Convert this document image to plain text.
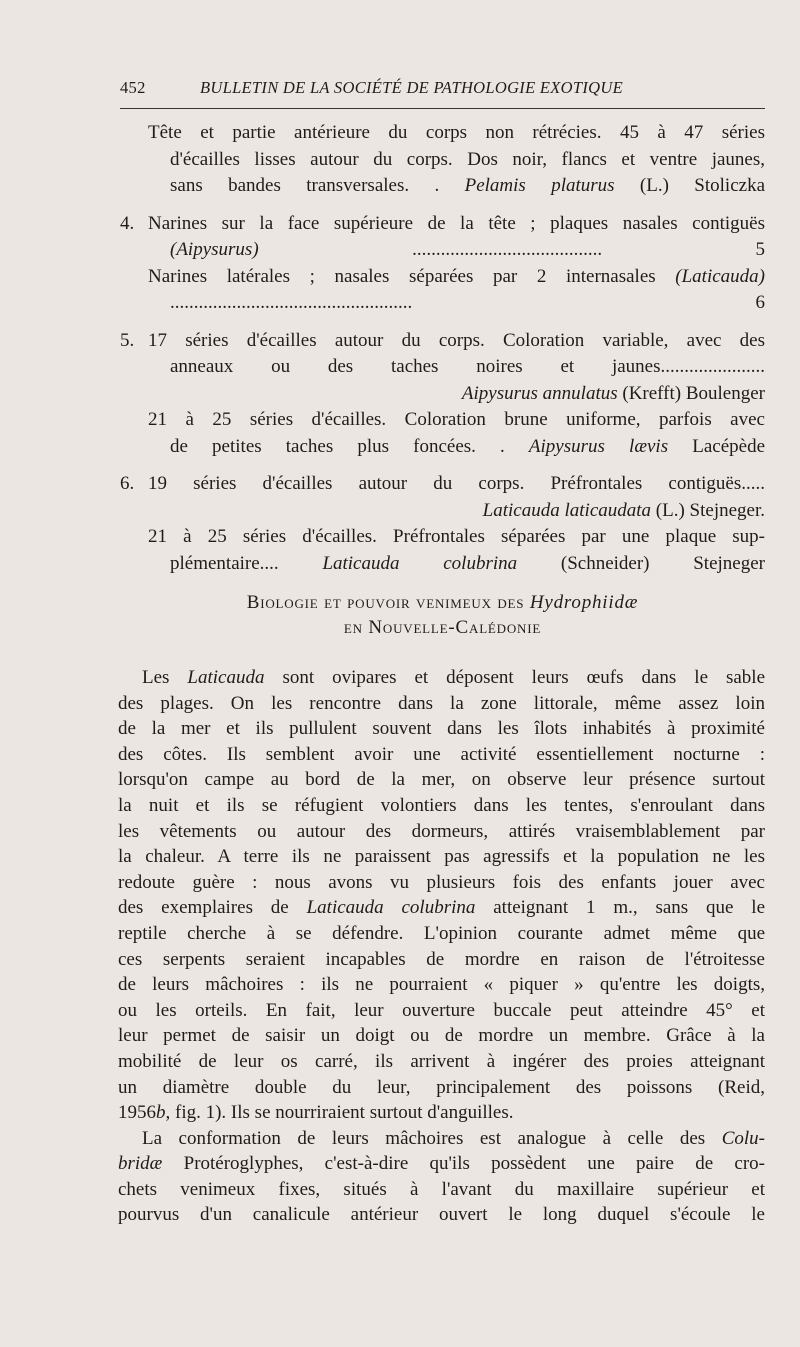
452	BULLETIN DE LA SOCIÉTÉ DE PATHOLOGIE EXOTIQUE
Tête et partie antérieure du corps non rétrécies. 45 à 47 séries
d'écailles lisses autour du corps. Dos noir, flancs et ventre jaunes,
sans bandes transversales. . Pelamis platurus (L.) Stoliczka
4. Narines sur la face supérieure de la tête ; plaques nasales contiguës
(Aipysurus)	........................................	5
Narines latérales ; nasales séparées par 2 internasales (Laticauda)
...................................................	6
5. 17 séries d'écailles autour du corps. Coloration variable, avec des
anneaux ou des taches noires et jaunes......................
Aipysurus annulatus (Krefft) Boulenger
21 à 25 séries d'écailles. Coloration brune uniforme, parfois avec
de petites taches plus foncées. . Aipysurus lævis Lacépède
6. 19 séries d'écailles autour du corps. Préfrontales contiguës.....
Laticauda laticaudata (L.) Stejneger.
21 à 25 séries d'écailles. Préfrontales séparées par une plaque sup-
plémentaire.... Laticauda colubrina (Schneider) Stejneger
Biologie et pouvoir venimeux des Hydrophiidæ
en Nouvelle-Calédonie

Les Laticauda sont ovipares et déposent leurs œufs dans le sable
des plages. On les rencontre dans la zone littorale, même assez loin
de la mer et ils pullulent souvent dans les îlots inhabités à proximité
des côtes. Ils semblent avoir une activité essentiellement nocturne :
lorsqu'on campe au bord de la mer, on observe leur présence surtout
la nuit et ils se réfugient volontiers dans les tentes, s'enroulant dans
les vêtements ou autour des dormeurs, attirés vraisemblablement par
la chaleur. A terre ils ne paraissent pas agressifs et la population ne les
redoute guère : nous avons vu plusieurs fois des enfants jouer avec
des exemplaires de Laticauda colubrina atteignant 1 m., sans que le
reptile cherche à se défendre. L'opinion courante admet même que
ces serpents seraient incapables de mordre en raison de l'étroitesse
de leurs mâchoires : ils ne pourraient « piquer » qu'entre les doigts,
ou les orteils. En fait, leur ouverture buccale peut atteindre 45° et
leur permet de saisir un doigt ou de mordre un membre. Grâce à la
mobilité de leur os carré, ils arrivent à ingérer des proies atteignant
un diamètre double du leur, principalement des poissons (Reid,
1956b, fig. 1). Ils se nourriraient surtout d'anguilles.

La conformation de leurs mâchoires est analogue à celle des Colu-
bridæ Protéroglyphes, c'est-à-dire qu'ils possèdent une paire de cro-
chets venimeux fixes, situés à l'avant du maxillaire supérieur et
pourvus d'un canalicule antérieur ouvert le long duquel s'écoule le
